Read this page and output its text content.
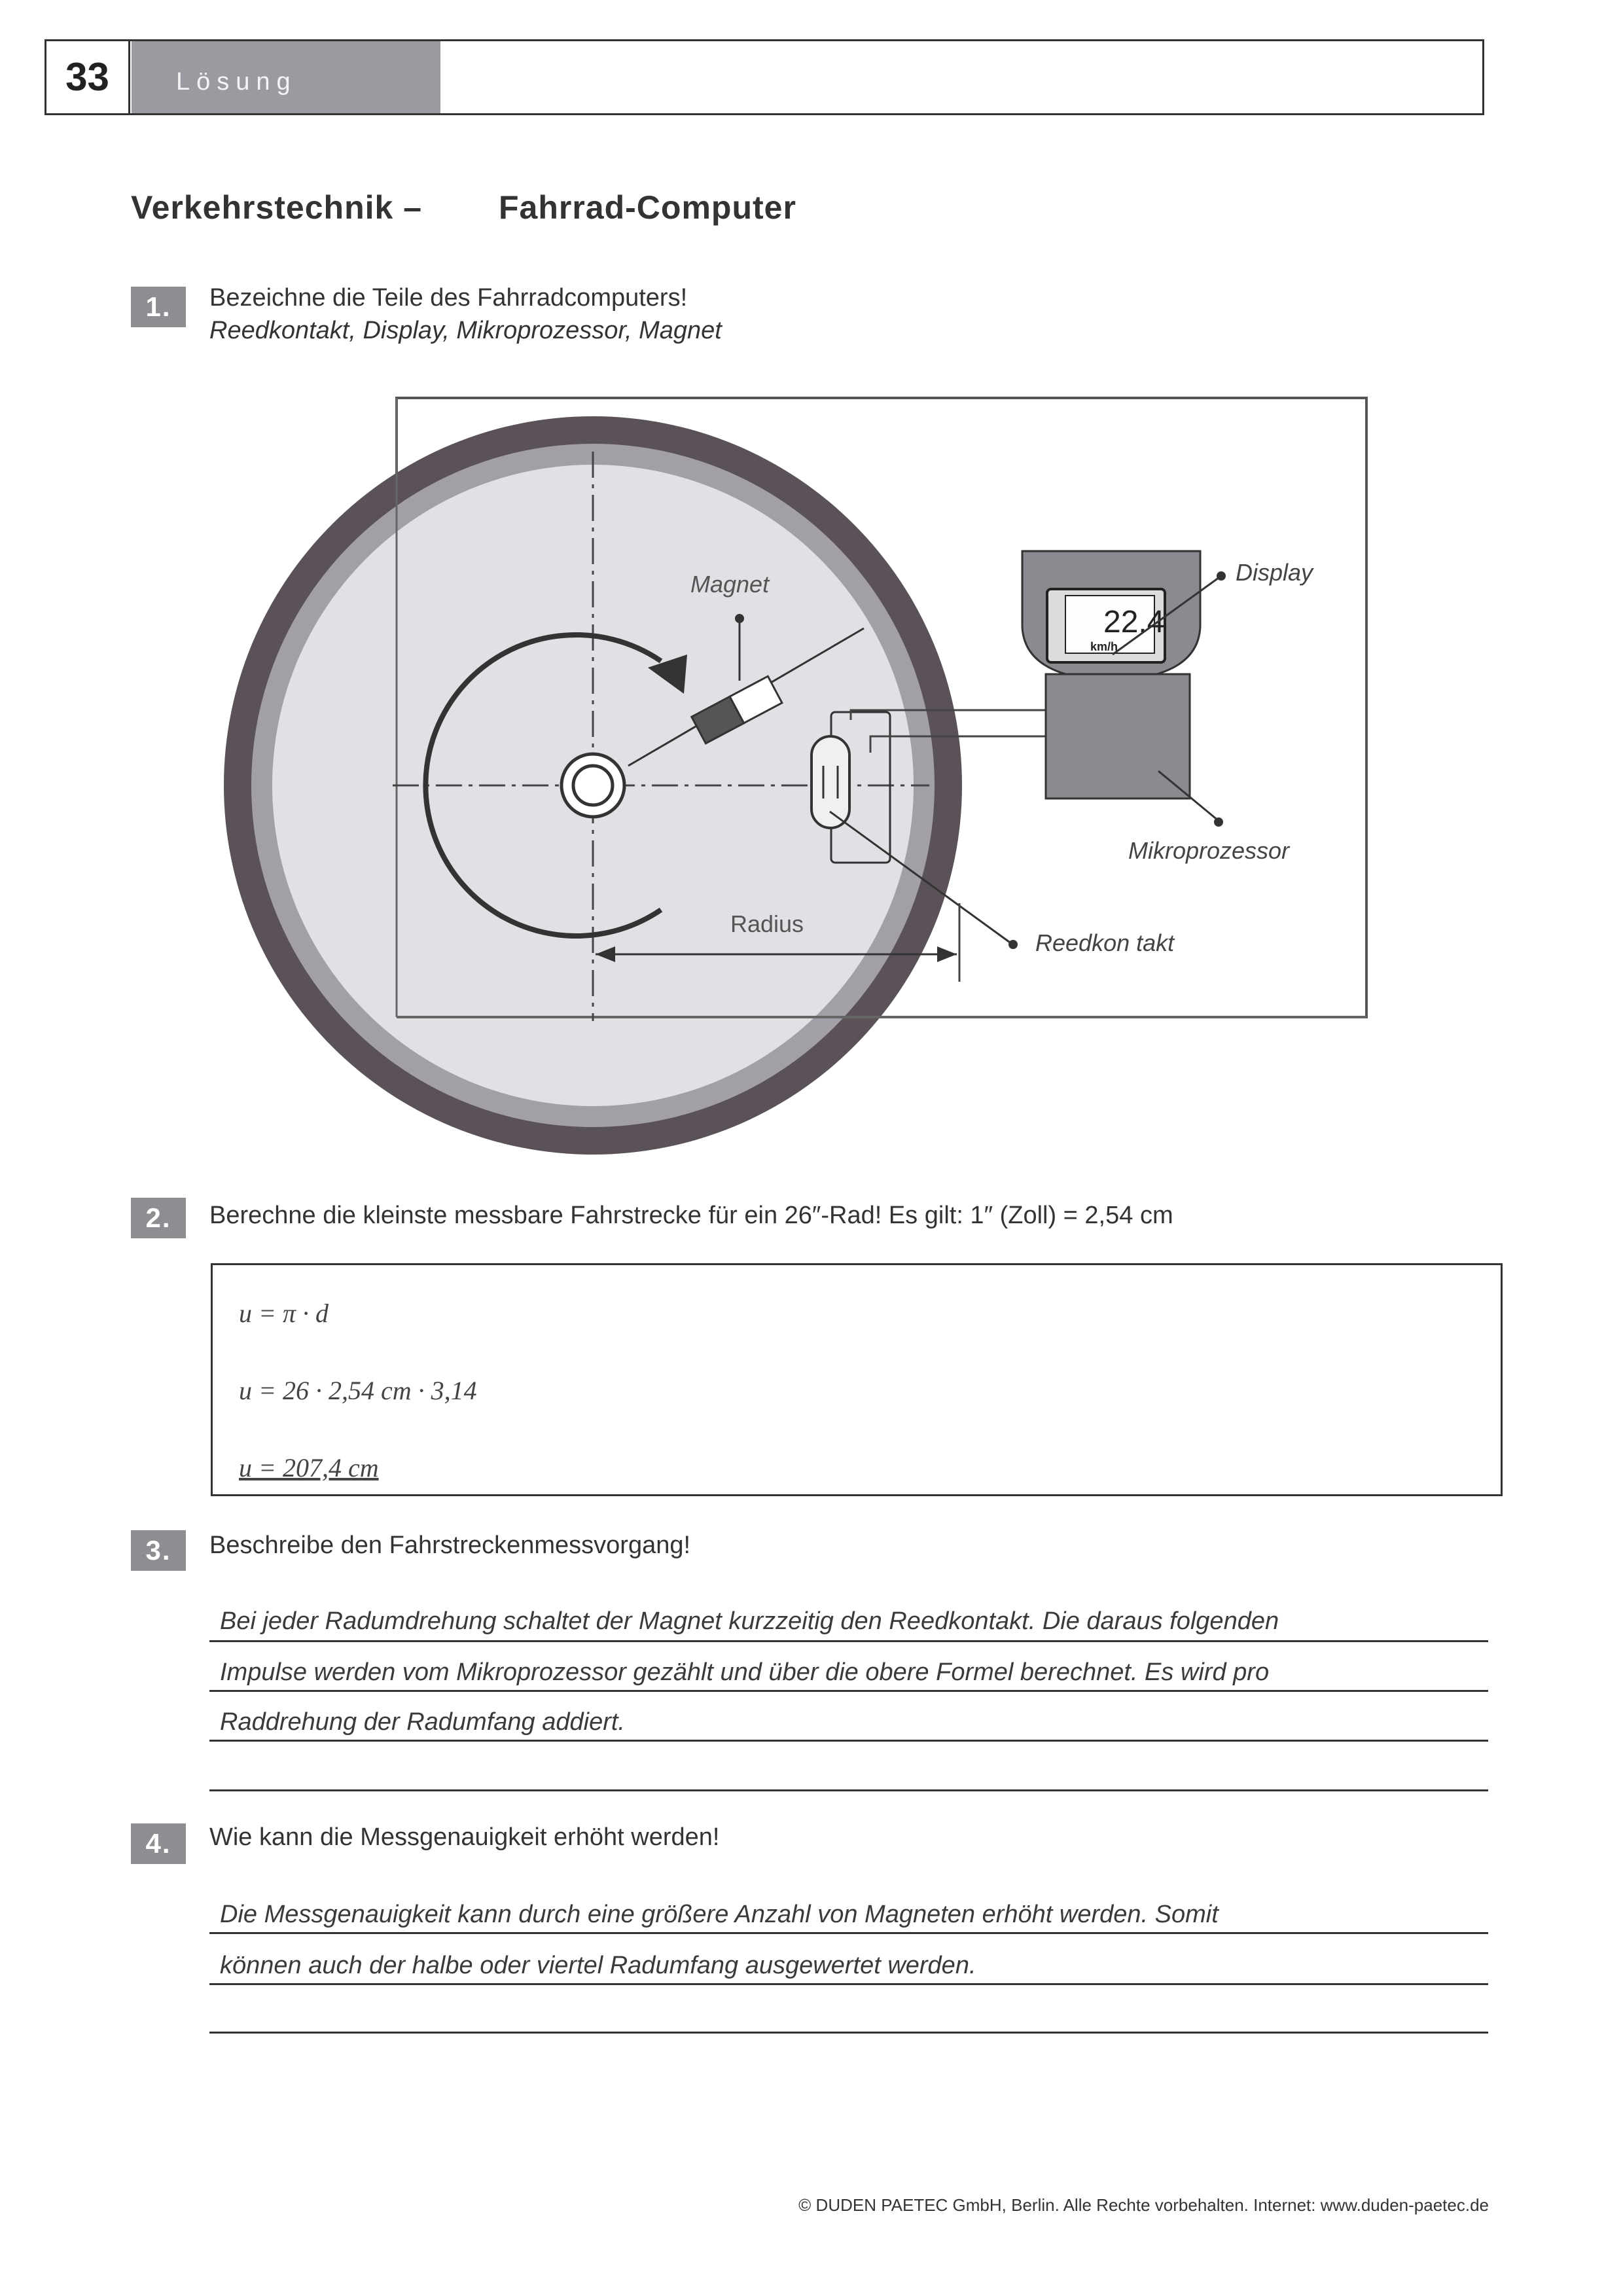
33	Lösung
Verkehrstechnik – Fahrrad-Computer
1.	Bezeichne die Teile des Fahrradcomputers!
Reedkontakt, Display, Mikroprozessor, Magnet
Magnet
Reedkon takt
22.4
km/h
Display
Mikroprozessor
Radius
2.	Berechne die kleinste messbare Fahrstrecke für ein 26″-Rad! Es gilt: 1″ (Zoll) = 2,54 cm
u = π · d
u = 26 · 2,54 cm · 3,14
u = 207,4 cm
3.	Beschreibe den Fahrstreckenmessvorgang!
Bei jeder Radumdrehung schaltet der Magnet kurzzeitig den Reedkontakt. Die daraus folgenden
Impulse werden vom Mikroprozessor gezählt und über die obere Formel berechnet. Es wird pro
Raddrehung der Radumfang addiert.
4.	Wie kann die Messgenauigkeit erhöht werden!
Die Messgenauigkeit kann durch eine größere Anzahl von Magneten erhöht werden. Somit
können auch der halbe oder viertel Radumfang ausgewertet werden.
© DUDEN PAETEC GmbH, Berlin. Alle Rechte vorbehalten. Internet: www.duden-paetec.de
